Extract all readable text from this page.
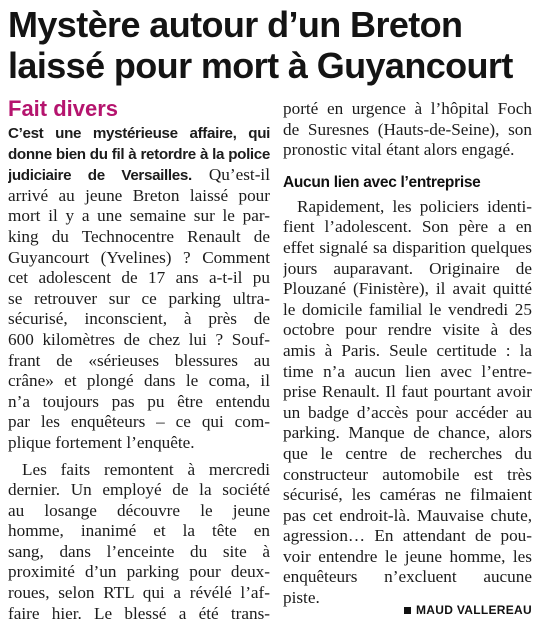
Mystère autour d’un Breton
laissé pour mort à Guyancourt
Fait divers
C’est une mystérieuse affaire, qui
donne bien du fil à retordre à la police
judiciaire de Versailles. Qu’est-il
arrivé au jeune Breton laissé pour
mort il y a une semaine sur le par-
king du Technocentre Renault de
Guyancourt (Yvelines) ? Comment
cet adolescent de 17 ans a-t-il pu
se retrouver sur ce parking ultra-
sécurisé, inconscient, à près de
600 kilomètres de chez lui ? Souf-
frant de «sérieuses blessures au
crâne» et plongé dans le coma, il
n’a toujours pas pu être entendu
par les enquêteurs – ce qui com-
plique fortement l’enquête.
Les faits remontent à mercredi
dernier. Un employé de la société
au losange découvre le jeune
homme, inanimé et la tête en
sang, dans l’enceinte du site à
proximité d’un parking pour deux-
roues, selon RTL qui a révélé l’af-
faire hier. Le blessé a été trans-
porté en urgence à l’hôpital Foch
de Suresnes (Hauts-de-Seine), son
pronostic vital étant alors engagé.
Aucun lien avec l’entreprise
Rapidement, les policiers identi-
fient l’adolescent. Son père a en
effet signalé sa disparition quelques
jours auparavant. Originaire de
Plouzané (Finistère), il avait quitté
le domicile familial le vendredi 25
octobre pour rendre visite à des
amis à Paris. Seule certitude : la
time n’a aucun lien avec l’entre-
prise Renault. Il faut pourtant avoir
un badge d’accès pour accéder au
parking. Manque de chance, alors
que le centre de recherches du
constructeur automobile est très
sécurisé, les caméras ne filmaient
pas cet endroit-là. Mauvaise chute,
agression… En attendant de pou-
voir entendre le jeune homme, les
enquêteurs n’excluent aucune
piste.
MAUD VALLEREAU
